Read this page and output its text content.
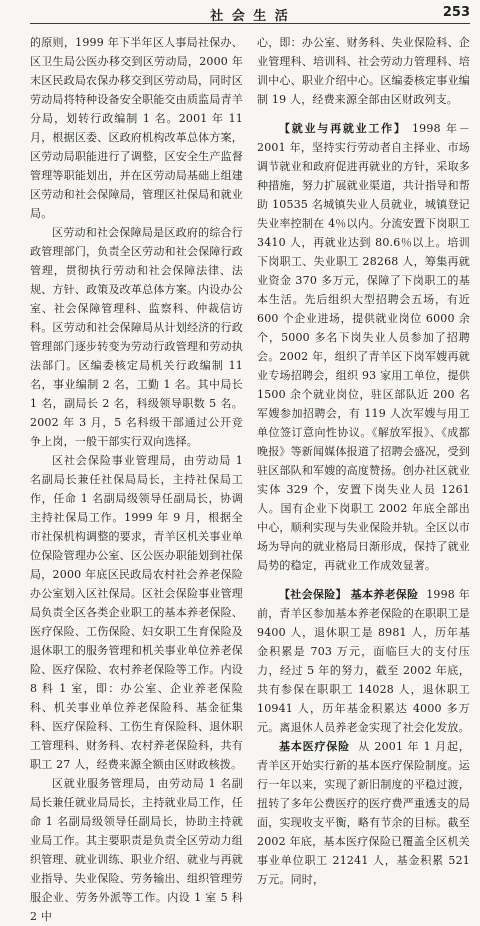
社 会 生 活	253

的原则，1999 年下半年区人事局社保办、区卫生局公医办移交到区劳动局，2000 年末区民政局农保办移交到区劳动局，同时区劳动局将特种设备安全职能交由质监局青羊分局，划转行政编制 1 名。2001 年 11 月，根据区委、区政府机构改革总体方案，区劳动局职能进行了调整，区安全生产监督管理等职能划出，并在区劳动局基础上组建区劳动和社会保障局，管理区社保局和就业局。

区劳动和社会保障局是区政府的综合行政管理部门，负责全区劳动和社会保障行政管理，贯彻执行劳动和社会保障法律、法规、方针、政策及改革总体方案。内设办公室、社会保障管理科、监察科、仲裁信访科。区劳动和社会保障局从计划经济的行政管理部门逐步转变为劳动行政管理和劳动执法部门。区编委核定局机关行政编制 11 名，事业编制 2 名，工勤 1 名。其中局长 1 名，副局长 2 名，科级领导职数 5 名。2002 年 3 月，5 名科级干部通过公开竞争上岗，一般干部实行双向选择。

区社会保险事业管理局，由劳动局 1 名副局长兼任社保局局长，主持社保局工作，任命 1 名副局级领导任副局长，协调主持社保局工作。1999 年 9 月，根据全市社保机构调整的要求，青羊区机关事业单位保险管理办公室、区公医办职能划到社保局，2000 年底区民政局农村社会养老保险办公室划入区社保局。区社会保险事业管理局负责全区各类企业职工的基本养老保险、医疗保险、工伤保险、妇女职工生育保险及退休职工的服务管理和机关事业单位养老保险、医疗保险、农村养老保险等工作。内设 8 科 1 室，即：办公室、企业养老保险科、机关事业单位养老保险科、基金征集科、医疗保险科、工伤生育保险科、退休职工管理科、财务科、农村养老保险科，共有职工 27 人，经费来源全额由区财政核拨。

区就业服务管理局，由劳动局 1 名副局长兼任就业局局长，主持就业局工作，任命 1 名副局级领导任副局长，协助主持就业局工作。其主要职责是负责全区劳动力组织管理、就业训练、职业介绍、就业与再就业指导、失业保险、劳务输出、组织管理劳服企业、劳务外派等工作。内设 1 室 5 科 2 中

心，即：办公室、财务科、失业保险科、企业管理科、培训科、社会劳动力管理科、培训中心、职业介绍中心。区编委核定事业编制 19 人，经费来源全部由区财政列支。

【就业与再就业工作】 1998 年－2001 年，坚持实行劳动者自主择业、市场调节就业和政府促进再就业的方针，采取多种措施，努力扩展就业渠道，共计指导和帮助 10535 名城镇失业人员就业，城镇登记失业率控制在 4％以内。分流安置下岗职工 3410 人，再就业达到 80.6％以上。培训下岗职工、失业职工 28268 人，筹集再就业资金 370 多万元，保障了下岗职工的基本生活。先后组织大型招聘会五场，有近 600 个企业进场，提供就业岗位 6000 余个，5000 多名下岗失业人员参加了招聘会。2002 年，组织了青羊区下岗军嫂再就业专场招聘会，组织 93 家用工单位，提供 1500 余个就业岗位，驻区部队近 200 名军嫂参加招聘会，有 119 人次军嫂与用工单位签订意向性协议。《解放军报》、《成都晚报》等新闻媒体报道了招聘会盛况，受到驻区部队和军嫂的高度赞扬。创办社区就业实体 329 个，安置下岗失业人员 1261 人。国有企业下岗职工 2002 年底全部出中心，顺利实现与失业保险并轨。全区以市场为导向的就业格局日渐形成，保持了就业局势的稳定，再就业工作成效显著。

【社会保险】 基本养老保险 1998 年前，青羊区参加基本养老保险的在职职工是 9400 人，退休职工是 8981 人，历年基金积累是 703 万元，面临巨大的支付压力，经过 5 年的努力，截至 2002 年底，共有参保在职职工 14028 人，退休职工 10941 人，历年基金积累达 4000 多万元。离退休人员养老金实现了社会化发放。

基本医疗保险 从 2001 年 1 月起，青羊区开始实行新的基本医疗保险制度。运行一年以来，实现了新旧制度的平稳过渡，扭转了多年公费医疗的医疗费严重透支的局面，实现收支平衡，略有节余的目标。截至 2002 年底，基本医疗保险已覆盖全区机关事业单位职工 21241 人，基金积累 521 万元。同时，
